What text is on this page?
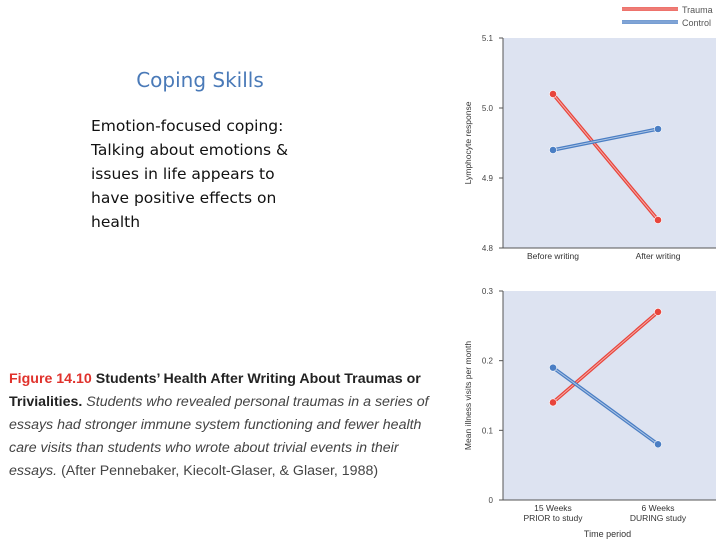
Coping Skills
Emotion-focused coping:
Talking about emotions &
issues in life appears to
have positive effects on
health
Figure 14.10 Students’ Health After Writing About Traumas or Trivialities. Students who revealed personal traumas in a series of essays had stronger immune system functioning and fewer health care visits than students who wrote about trivial events in their essays. (After Pennebaker, Kiecolt-Glaser, & Glaser, 1988)
Trauma
Control
5.1
5.0
4.9
4.8
Lymphocyte response
Before writing	After writing
0.3
0.2
0.1
0
Mean illness visits per month
15 Weeks
PRIOR to study
6 Weeks
DURING study
Time period
